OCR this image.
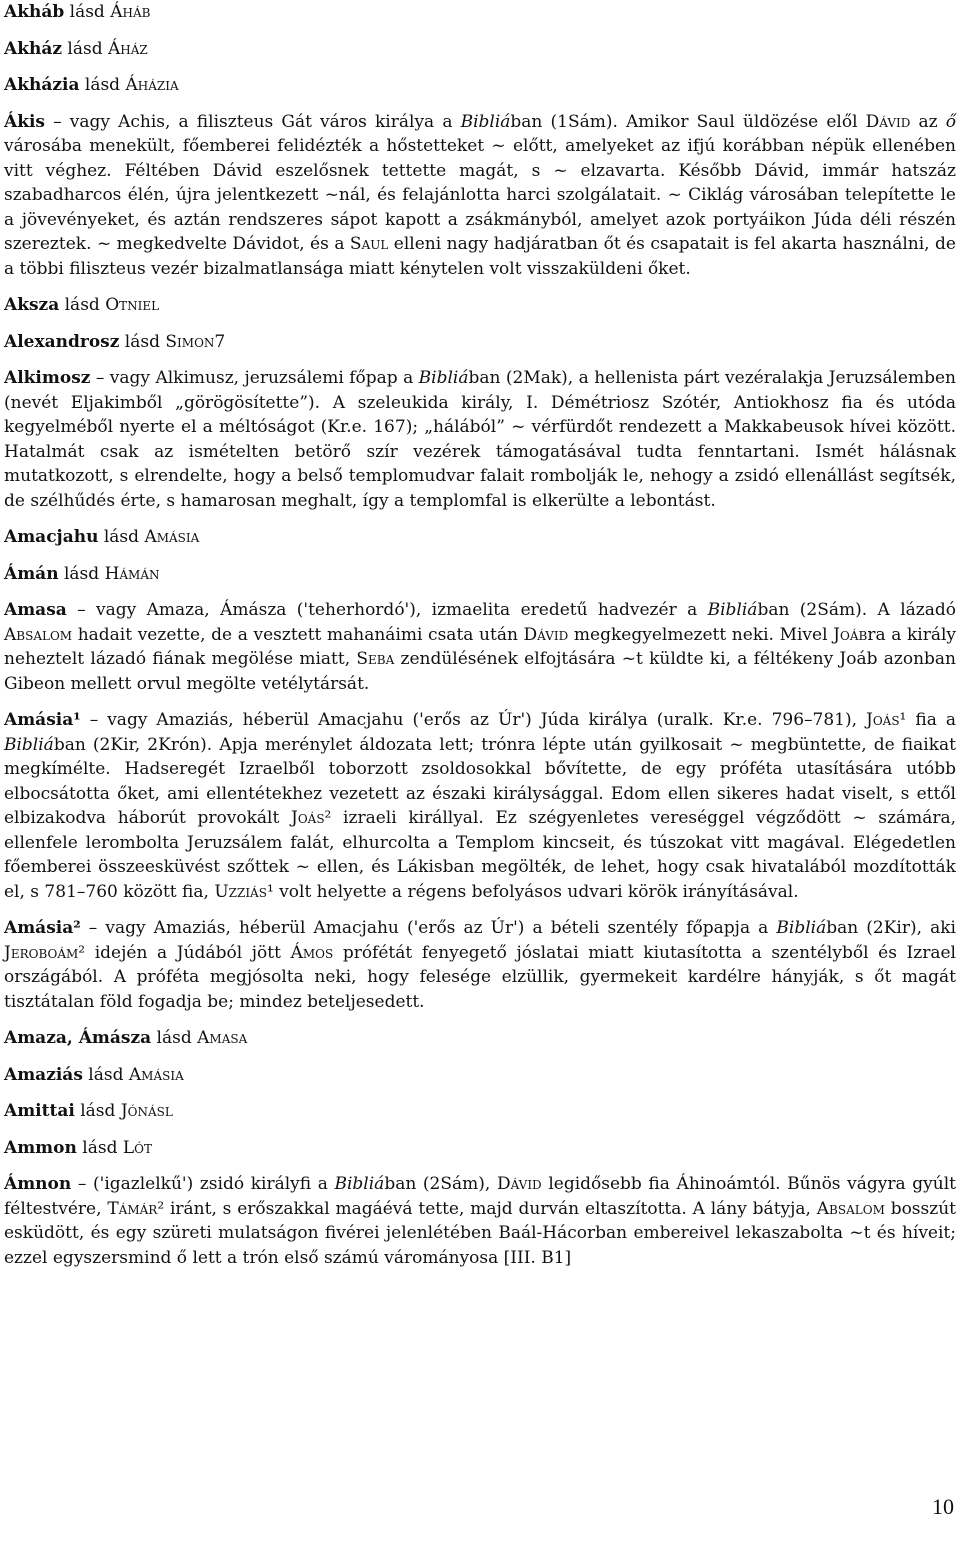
Akháb lásd Áháb

Akház lásd Áház

Akházia lásd Áházia

Ákis – vagy Achis, a filiszteus Gát város királya a Bibliában (1Sám). Amikor Saul üldözése elől Dávid az ő városába menekült, főemberei felidézték a hőstetteket ~ előtt, amelyeket az ifjú korábban népük ellenében vitt véghez. Féltében Dávid eszelősnek tettette magát, s ~ elzavarta. Később Dávid, immár hatszáz szabadharcos élén, újra jelentkezett ~nál, és felajánlotta harci szolgálatait. ~ Ciklág városában telepítette le a jövevényeket, és aztán rendszeres sápot kapott a zsákmányból, amelyet azok portyáikon Júda déli részén szereztek. ~ megkedvelte Dávidot, és a Saul elleni nagy hadjáratban őt és csapatait is fel akarta használni, de a többi filiszteus vezér bizalmatlansága miatt kénytelen volt visszaküldeni őket.

Aksza lásd Otniel

Alexandrosz lásd Simon7

Alkimosz – vagy Alkimusz, jeruzsálemi főpap a Bibliában (2Mak), a hellenista párt vezéralakja Jeruzsálemben (nevét Eljakimből „görögösítette”). A szeleukida király, I. Démétriosz Szótér, Antiokhosz fia és utóda kegyelméből nyerte el a méltóságot (Kr.e. 167); „hálából” ~ vérfürdőt rendezett a Makkabeusok hívei között. Hatalmát csak az ismételten betörő szír vezérek támogatásával tudta fenntartani. Ismét hálásnak mutatkozott, s elrendelte, hogy a belső templomudvar falait rombolják le, nehogy a zsidó ellenállást segítsék, de szélhűdés érte, s hamarosan meghalt, így a templomfal is elkerülte a lebontást.

Amacjahu lásd Amásia

Ámán lásd Hámán

Amasa – vagy Amaza, Ámásza ('teherhordó'), izmaelita eredetű hadvezér a Bibliában (2Sám). A lázadó Absalom hadait vezette, de a vesztett mahanáimi csata után Dávid megkegyelmezett neki. Mivel Joábra a király neheztelt lázadó fiának megölése miatt, Seba zendülésének elfojtására ~t küldte ki, a féltékeny Joáb azonban Gibeon mellett orvul megölte vetélytársát.

Amásia¹ – vagy Amaziás, héberül Amacjahu ('erős az Úr') Júda királya (uralk. Kr.e. 796–781), Joás¹ fia a Bibliában (2Kir, 2Krón). Apja merénylet áldozata lett; trónra lépte után gyilkosait ~ megbüntette, de fiaikat megkímélte. Hadseregét Izraelből toborzott zsoldosokkal bővítette, de egy próféta utasítására utóbb elbocsátotta őket, ami ellentétekhez vezetett az északi királysággal. Edom ellen sikeres hadat viselt, s ettől elbizakodva háborút provokált Joás² izraeli királlyal. Ez szégyenletes vereséggel végződött ~ számára, ellenfele lerombolta Jeruzsálem falát, elhurcolta a Templom kincseit, és túszokat vitt magával. Elégedetlen főemberei összeesküvést szőttek ~ ellen, és Lákisban megölték, de lehet, hogy csak hivatalából mozdították el, s 781–760 között fia, Uzziás¹ volt helyette a régens befolyásos udvari körök irányításával.

Amásia² – vagy Amaziás, héberül Amacjahu ('erős az Úr') a bételi szentély főpapja a Bibliában (2Kir), aki Jeroboám² idején a Júdából jött Ámos prófétát fenyegető jóslatai miatt kiutasította a szentélyből és Izrael országából. A próféta megjósolta neki, hogy felesége elzüllik, gyermekeit kardélre hányják, s őt magát tisztátalan föld fogadja be; mindez beteljesedett.

Amaza, Ámásza lásd Amasa

Amaziás lásd Amásia

Amittai lásd Jónásl

Ammon lásd Lót

Ámnon – ('igazlelkű') zsidó királyfi a Bibliában (2Sám), Dávid legidősebb fia Áhinoámtól. Bűnös vágyra gyúlt féltestvére, Támár² iránt, s erőszakkal magáévá tette, majd durván eltaszította. A lány bátyja, Absalom bosszút esküdött, és egy szüreti mulatságon fivérei jelenlétében Baál-Hácorban embereivel lekaszabolta ~t és híveit; ezzel egyszersmind ő lett a trón első számú várományosa [III. B1]

10
